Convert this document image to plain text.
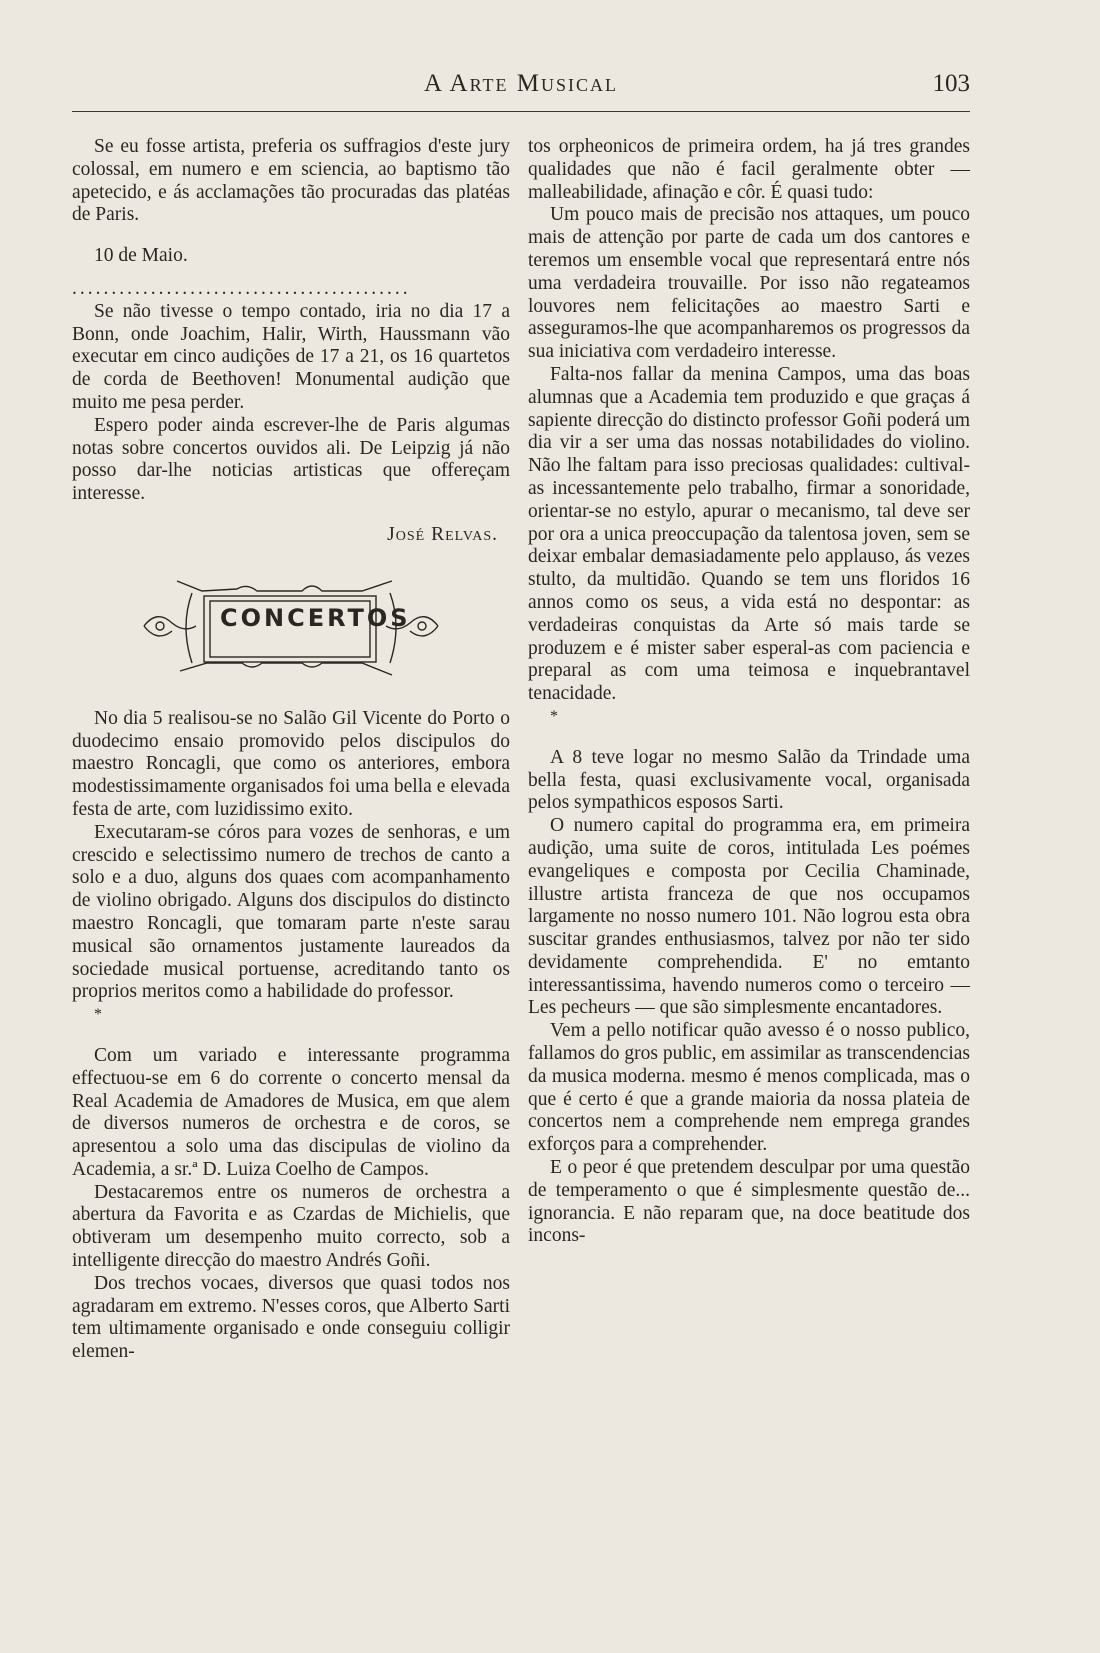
A Arte Musical	103

Se eu fosse artista, preferia os suffragios d'este jury colossal, em numero e em sciencia, ao baptismo tão apetecido, e ás acclamações tão procuradas das platéas de Paris.

10 de Maio.

...........................................

Se não tivesse o tempo contado, iria no dia 17 a Bonn, onde Joachim, Halir, Wirth, Haussmann vão executar em cinco audições de 17 a 21, os 16 quartetos de corda de Beethoven! Monumental audição que muito me pesa perder.

Espero poder ainda escrever-lhe de Paris algumas notas sobre concertos ouvidos ali. De Leipzig já não posso dar-lhe noticias artisticas que offereçam interesse.

José Relvas.

CONCERTOS

No dia 5 realisou-se no Salão Gil Vicente do Porto o duodecimo ensaio promovido pelos discipulos do maestro Roncagli, que como os anteriores, embora modestissimamente organisados foi uma bella e elevada festa de arte, com luzidissimo exito.

Executaram-se córos para vozes de senhoras, e um crescido e selectissimo numero de trechos de canto a solo e a duo, alguns dos quaes com acompanhamento de violino obrigado. Alguns dos discipulos do distincto maestro Roncagli, que tomaram parte n'este sarau musical são ornamentos justamente laureados da sociedade musical portuense, acreditando tanto os proprios meritos como a habilidade do professor.

*

Com um variado e interessante programma effectuou-se em 6 do corrente o concerto mensal da Real Academia de Amadores de Musica, em que alem de diversos numeros de orchestra e de coros, se apresentou a solo uma das discipulas de violino da Academia, a sr.ª D. Luiza Coelho de Campos.

Destacaremos entre os numeros de orchestra a abertura da Favorita e as Czardas de Michielis, que obtiveram um desempenho muito correcto, sob a intelligente direcção do maestro Andrés Goñi.

Dos trechos vocaes, diversos que quasi todos nos agradaram em extremo. N'esses coros, que Alberto Sarti tem ultimamente organisado e onde conseguiu colligir elemen-

tos orpheonicos de primeira ordem, ha já tres grandes qualidades que não é facil geralmente obter — malleabilidade, afinação e côr. É quasi tudo:

Um pouco mais de precisão nos attaques, um pouco mais de attenção por parte de cada um dos cantores e teremos um ensemble vocal que representará entre nós uma verdadeira trouvaille. Por isso não regateamos louvores nem felicitações ao maestro Sarti e asseguramos-lhe que acompanharemos os progressos da sua iniciativa com verdadeiro interesse.

Falta-nos fallar da menina Campos, uma das boas alumnas que a Academia tem produzido e que graças á sapiente direcção do distincto professor Goñi poderá um dia vir a ser uma das nossas notabilidades do violino. Não lhe faltam para isso preciosas qualidades: cultival-as incessantemente pelo trabalho, firmar a sonoridade, orientar-se no estylo, apurar o mecanismo, tal deve ser por ora a unica preoccupação da talentosa joven, sem se deixar embalar demasiadamente pelo applauso, ás vezes stulto, da multidão. Quando se tem uns floridos 16 annos como os seus, a vida está no despontar: as verdadeiras conquistas da Arte só mais tarde se produzem e é mister saber esperal-as com paciencia e preparal as com uma teimosa e inquebrantavel tenacidade.

*

A 8 teve logar no mesmo Salão da Trindade uma bella festa, quasi exclusivamente vocal, organisada pelos sympathicos esposos Sarti.

O numero capital do programma era, em primeira audição, uma suite de coros, intitulada Les poémes evangeliques e composta por Cecilia Chaminade, illustre artista franceza de que nos occupamos largamente no nosso numero 101. Não logrou esta obra suscitar grandes enthusiasmos, talvez por não ter sido devidamente comprehendida. E' no emtanto interessantissima, havendo numeros como o terceiro — Les pecheurs — que são simplesmente encantadores.

Vem a pello notificar quão avesso é o nosso publico, fallamos do gros public, em assimilar as transcendencias da musica moderna. mesmo é menos complicada, mas o que é certo é que a grande maioria da nossa plateia de concertos nem a comprehende nem emprega grandes exforços para a comprehender.

E o peor é que pretendem desculpar por uma questão de temperamento o que é simplesmente questão de... ignorancia. E não reparam que, na doce beatitude dos incons-
